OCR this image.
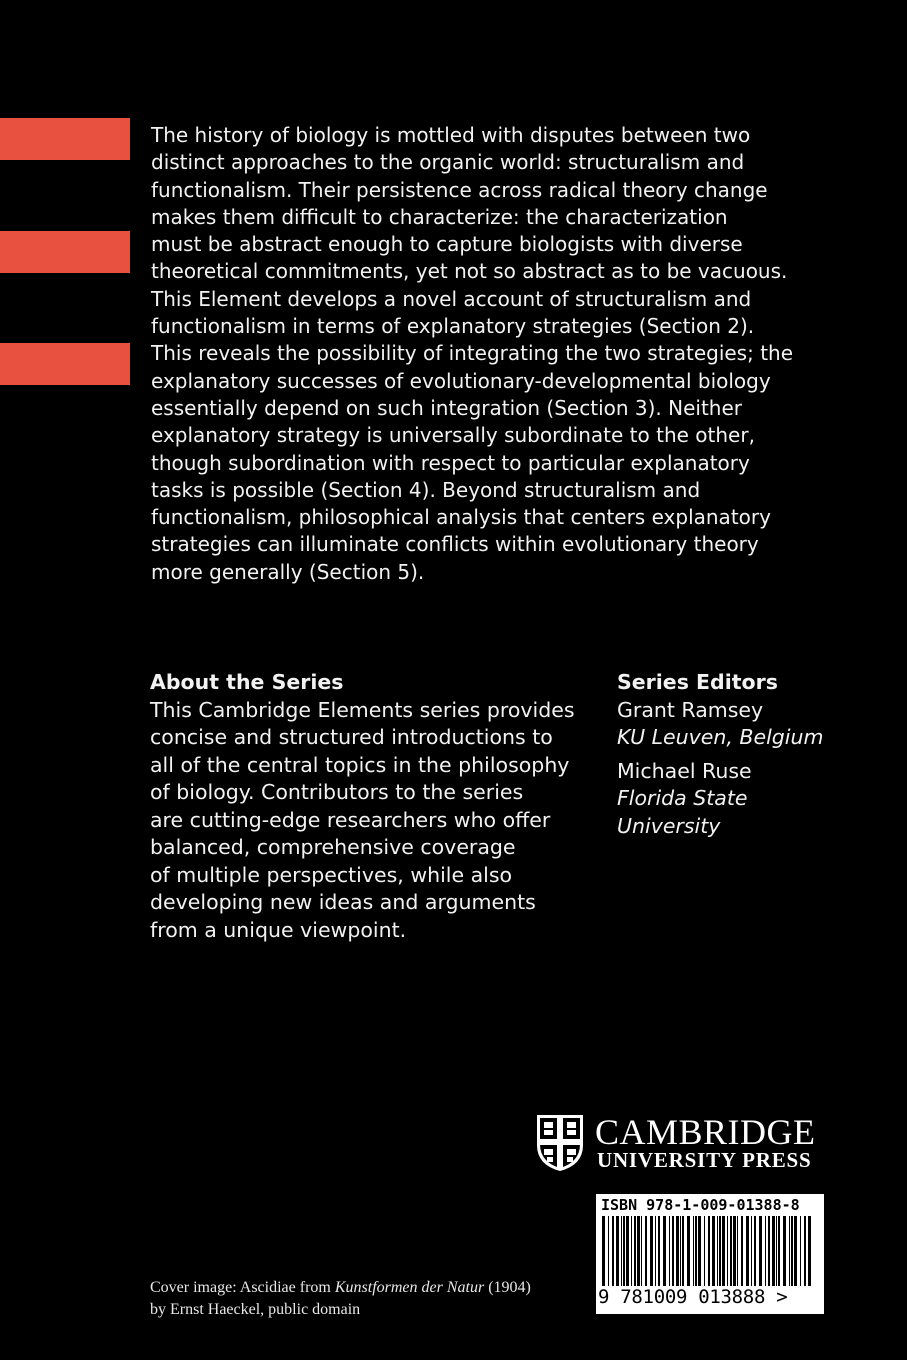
The history of biology is mottled with disputes between two
distinct approaches to the organic world: structuralism and
functionalism. Their persistence across radical theory change
makes them difficult to characterize: the characterization
must be abstract enough to capture biologists with diverse
theoretical commitments, yet not so abstract as to be vacuous.
This Element develops a novel account of structuralism and
functionalism in terms of explanatory strategies (Section 2).
This reveals the possibility of integrating the two strategies; the
explanatory successes of evolutionary-developmental biology
essentially depend on such integration (Section 3). Neither
explanatory strategy is universally subordinate to the other,
though subordination with respect to particular explanatory
tasks is possible (Section 4). Beyond structuralism and
functionalism, philosophical analysis that centers explanatory
strategies can illuminate conflicts within evolutionary theory
more generally (Section 5).
About the Series
This Cambridge Elements series provides
concise and structured introductions to
all of the central topics in the philosophy
of biology. Contributors to the series
are cutting-edge researchers who offer
balanced, comprehensive coverage
of multiple perspectives, while also
developing new ideas and arguments
from a unique viewpoint.
Series Editors
Grant Ramsey
KU Leuven, Belgium
Michael Ruse
Florida State
University
CAMBRIDGE
UNIVERSITY PRESS
ISBN 978-1-009-01388-8
9 781009 013888 >
Cover image: Ascidiae from Kunstformen der Natur (1904)
by Ernst Haeckel, public domain
